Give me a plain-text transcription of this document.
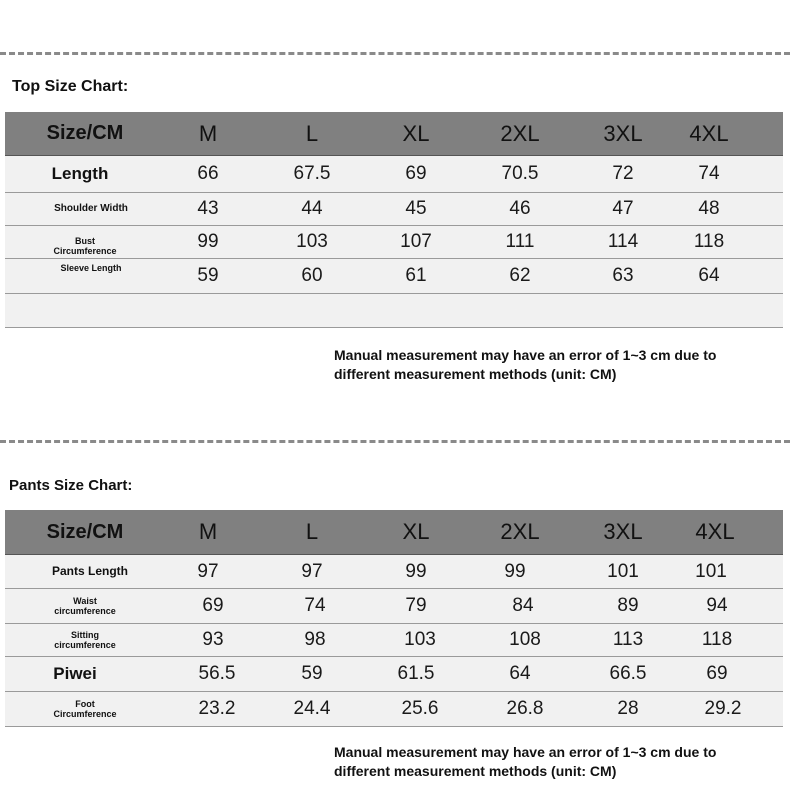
Top Size Chart:
Size/CM	M	L	XL	2XL	3XL	4XL
Length	66	67.5	69	70.5	72	74
Shoulder Width	43	44	45	46	47	48
Bust Circumference	99	103	107	111	114	118
Sleeve Length	59	60	61	62	63	64
Manual measurement may have an error of 1~3 cm due to different measurement methods (unit: CM)
Pants Size Chart:
Size/CM	M	L	XL	2XL	3XL	4XL
Pants Length	97	97	99	99	101	101
Waist circumference	69	74	79	84	89	94
Sitting circumference	93	98	103	108	113	118
Piwei	56.5	59	61.5	64	66.5	69
Foot Circumference	23.2	24.4	25.6	26.8	28	29.2
Manual measurement may have an error of 1~3 cm due to different measurement methods (unit: CM)
